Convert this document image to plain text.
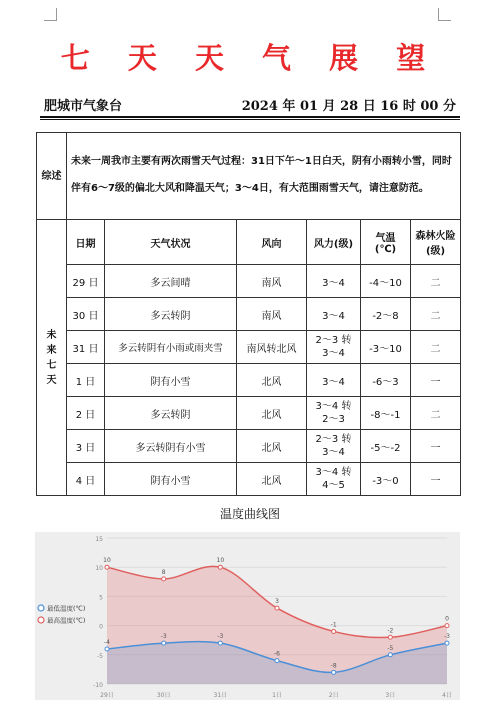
七 天 天 气 展 望
肥城市气象台	2024 年 01 月 28 日 16 时 00 分
综述	未来一周我市主要有两次雨雪天气过程：31日下午～1日白天，阴有小雨转小雪，同时伴有6～7级的偏北大风和降温天气；3～4日，有大范围雨雪天气，请注意防范。					
未来七天	日期	天气状况	风向	风力(级)	气温(℃)	森林火险(级)
	29 日	多云间晴	南风	3～4	-4～10	二
	30 日	多云转阴	南风	3～4	-2～8	二
	31 日	多云转阴有小雨或雨夹雪	南风转北风	2～3 转 3～4	-3～10	二
	1 日	阴有小雪	北风	3～4	-6～3	一
	2 日	多云转阴	北风	3～4 转 2～3	-8～-1	二
	3 日	多云转阴有小雪	北风	2～3 转 3～4	-5～-2	一
	4 日	阴有小雪	北风	3～4 转 4～5	-3～0	一
温度曲线图
15
10
5
0
-5
-10
29日	30日	31日	1日	2日	3日	4日
10
8
10
3
-1
-2
0
-4
-3	-3
-6
-8
-5
-3
最低温度(℃)
最高温度(℃)
